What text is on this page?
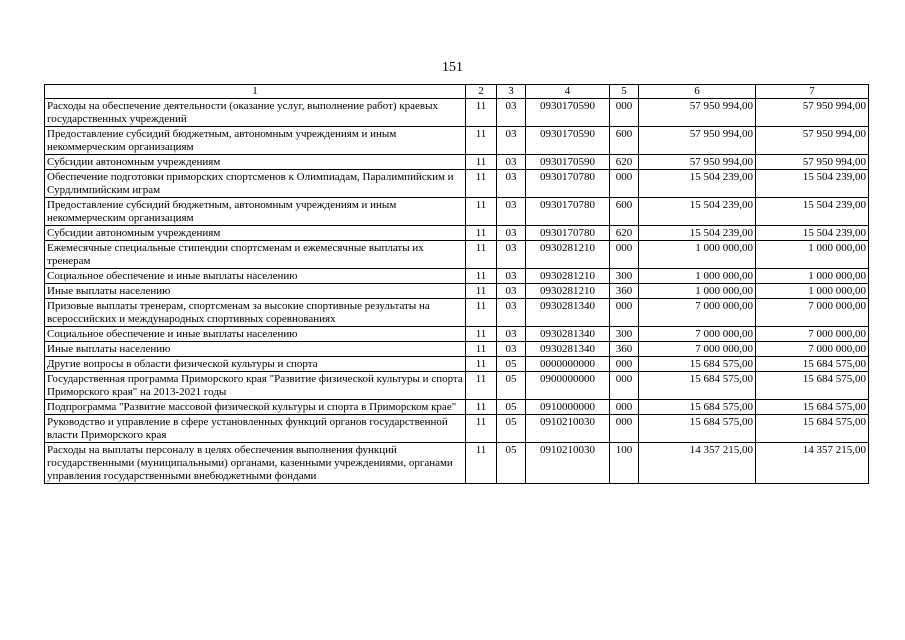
151
1	2	3	4	5	6	7
Расходы на обеспечение деятельности (оказание услуг, выполнение работ) краевых государственных учреждений	11	03	0930170590	000	57 950 994,00	57 950 994,00
Предоставление субсидий бюджетным, автономным учреждениям и иным некоммерческим организациям	11	03	0930170590	600	57 950 994,00	57 950 994,00
Субсидии автономным учреждениям	11	03	0930170590	620	57 950 994,00	57 950 994,00
Обеспечение подготовки приморских спортсменов к Олимпиадам, Паралимпийским и Сурдлимпийским играм	11	03	0930170780	000	15 504 239,00	15 504 239,00
Предоставление субсидий бюджетным, автономным учреждениям и иным некоммерческим организациям	11	03	0930170780	600	15 504 239,00	15 504 239,00
Субсидии автономным учреждениям	11	03	0930170780	620	15 504 239,00	15 504 239,00
Ежемесячные специальные стипендии спортсменам и ежемесячные выплаты их тренерам	11	03	0930281210	000	1 000 000,00	1 000 000,00
Социальное обеспечение и иные выплаты населению	11	03	0930281210	300	1 000 000,00	1 000 000,00
Иные выплаты населению	11	03	0930281210	360	1 000 000,00	1 000 000,00
Призовые выплаты тренерам, спортсменам за высокие спортивные результаты на всероссийских и международных спортивных соревнованиях	11	03	0930281340	000	7 000 000,00	7 000 000,00
Социальное обеспечение и иные выплаты населению	11	03	0930281340	300	7 000 000,00	7 000 000,00
Иные выплаты населению	11	03	0930281340	360	7 000 000,00	7 000 000,00
Другие вопросы в области физической культуры и спорта	11	05	0000000000	000	15 684 575,00	15 684 575,00
Государственная программа Приморского края "Развитие физической культуры и спорта Приморского края" на 2013-2021 годы	11	05	0900000000	000	15 684 575,00	15 684 575,00
Подпрограмма "Развитие массовой физической культуры и спорта в Приморском крае"	11	05	0910000000	000	15 684 575,00	15 684 575,00
Руководство и управление в сфере установленных функций органов государственной власти Приморского края	11	05	0910210030	000	15 684 575,00	15 684 575,00
Расходы на выплаты персоналу в целях обеспечения выполнения функций государственными (муниципальными) органами, казенными учреждениями, органами управления государственными внебюджетными фондами	11	05	0910210030	100	14 357 215,00	14 357 215,00
